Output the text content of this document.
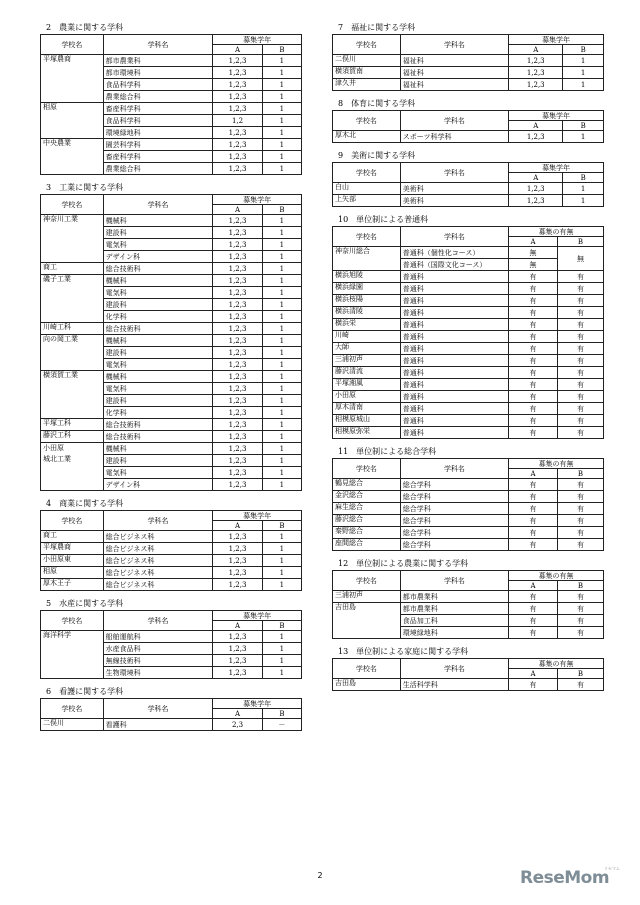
2　農業に関する学科
学校名	学科名	募集学年	
		A	B
平塚農商	都市農業科	1,2,3	1
	都市環境科	1,2,3	1
	食品科学科	1,2,3	1
	農業総合科	1,2,3	1
相原	畜産科学科	1,2,3	1
	食品科学科	1,2	1
	環境緑地科	1,2,3	1
中央農業	園芸科学科	1,2,3	1
	畜産科学科	1,2,3	1
	農業総合科	1,2,3	1
3　工業に関する学科
学校名	学科名	募集学年	
		A	B
神奈川工業	機械科	1,2,3	1
	建設科	1,2,3	1
	電気科	1,2,3	1
	デザイン科	1,2,3	1
商工	総合技術科	1,2,3	1
磯子工業	機械科	1,2,3	1
	電気科	1,2,3	1
	建設科	1,2,3	1
	化学科	1,2,3	1
川崎工科	総合技術科	1,2,3	1
向の岡工業	機械科	1,2,3	1
	建設科	1,2,3	1
	電気科	1,2,3	1
横須賀工業	機械科	1,2,3	1
	電気科	1,2,3	1
	建設科	1,2,3	1
	化学科	1,2,3	1
平塚工科	総合技術科	1,2,3	1
藤沢工科	総合技術科	1,2,3	1
小田原
城北工業	機械科	1,2,3	1
	建設科	1,2,3	1
	電気科	1,2,3	1
	デザイン科	1,2,3	1
4　商業に関する学科
学校名	学科名	募集学年	
		A	B
商工	総合ビジネス科	1,2,3	1
平塚農商	総合ビジネス科	1,2,3	1
小田原東	総合ビジネス科	1,2,3	1
相原	総合ビジネス科	1,2,3	1
厚木王子	総合ビジネス科	1,2,3	1
5　水産に関する学科
学校名	学科名	募集学年	
		A	B
海洋科学	船舶運航科	1,2,3	1
	水産食品科	1,2,3	1
	無線技術科	1,2,3	1
	生物環境科	1,2,3	1
6　看護に関する学科
学校名	学科名	募集学年	
		A	B
二俣川	看護科	2,3	－
7　福祉に関する学科
学校名	学科名	募集学年	
		A	B
二俣川	福祉科	1,2,3	1
横須賀南	福祉科	1,2,3	1
津久井	福祉科	1,2,3	1
8　体育に関する学科
学校名	学科名	募集学年	
		A	B
厚木北	スポーツ科学科	1,2,3	1
9　美術に関する学科
学校名	学科名	募集学年	
		A	B
白山	美術科	1,2,3	1
上矢部	美術科	1,2,3	1
10　単位制による普通科
学校名	学科名	募集の有無	
		A	B
神奈川総合	普通科（個性化コース）	無	無
	普通科（国際文化コース）	無	
横浜旭陵	普通科	有	有
横浜緑園	普通科	有	有
横浜桜陽	普通科	有	有
横浜清陵	普通科	有	有
横浜栄	普通科	有	有
川崎	普通科	有	有
大師	普通科	有	有
三浦初声	普通科	有	有
藤沢清流	普通科	有	有
平塚湘風	普通科	有	有
小田原	普通科	有	有
厚木清南	普通科	有	有
相模原城山	普通科	有	有
相模原弥栄	普通科	有	有
11　単位制による総合学科
学校名	学科名	募集の有無	
		A	B
鶴見総合	総合学科	有	有
金沢総合	総合学科	有	有
麻生総合	総合学科	有	有
藤沢総合	総合学科	有	有
秦野総合	総合学科	有	有
座間総合	総合学科	有	有
12　単位制による農業に関する学科
学校名	学科名	募集の有無	
		A	B
三浦初声	都市農業科	有	有
吉田島	都市農業科	有	有
	食品加工科	有	有
	環境緑地科	有	有
13　単位制による家庭に関する学科
学校名	学科名	募集の有無	
		A	B
吉田島	生活科学科	有	有
2	ReseMom
リセマム
